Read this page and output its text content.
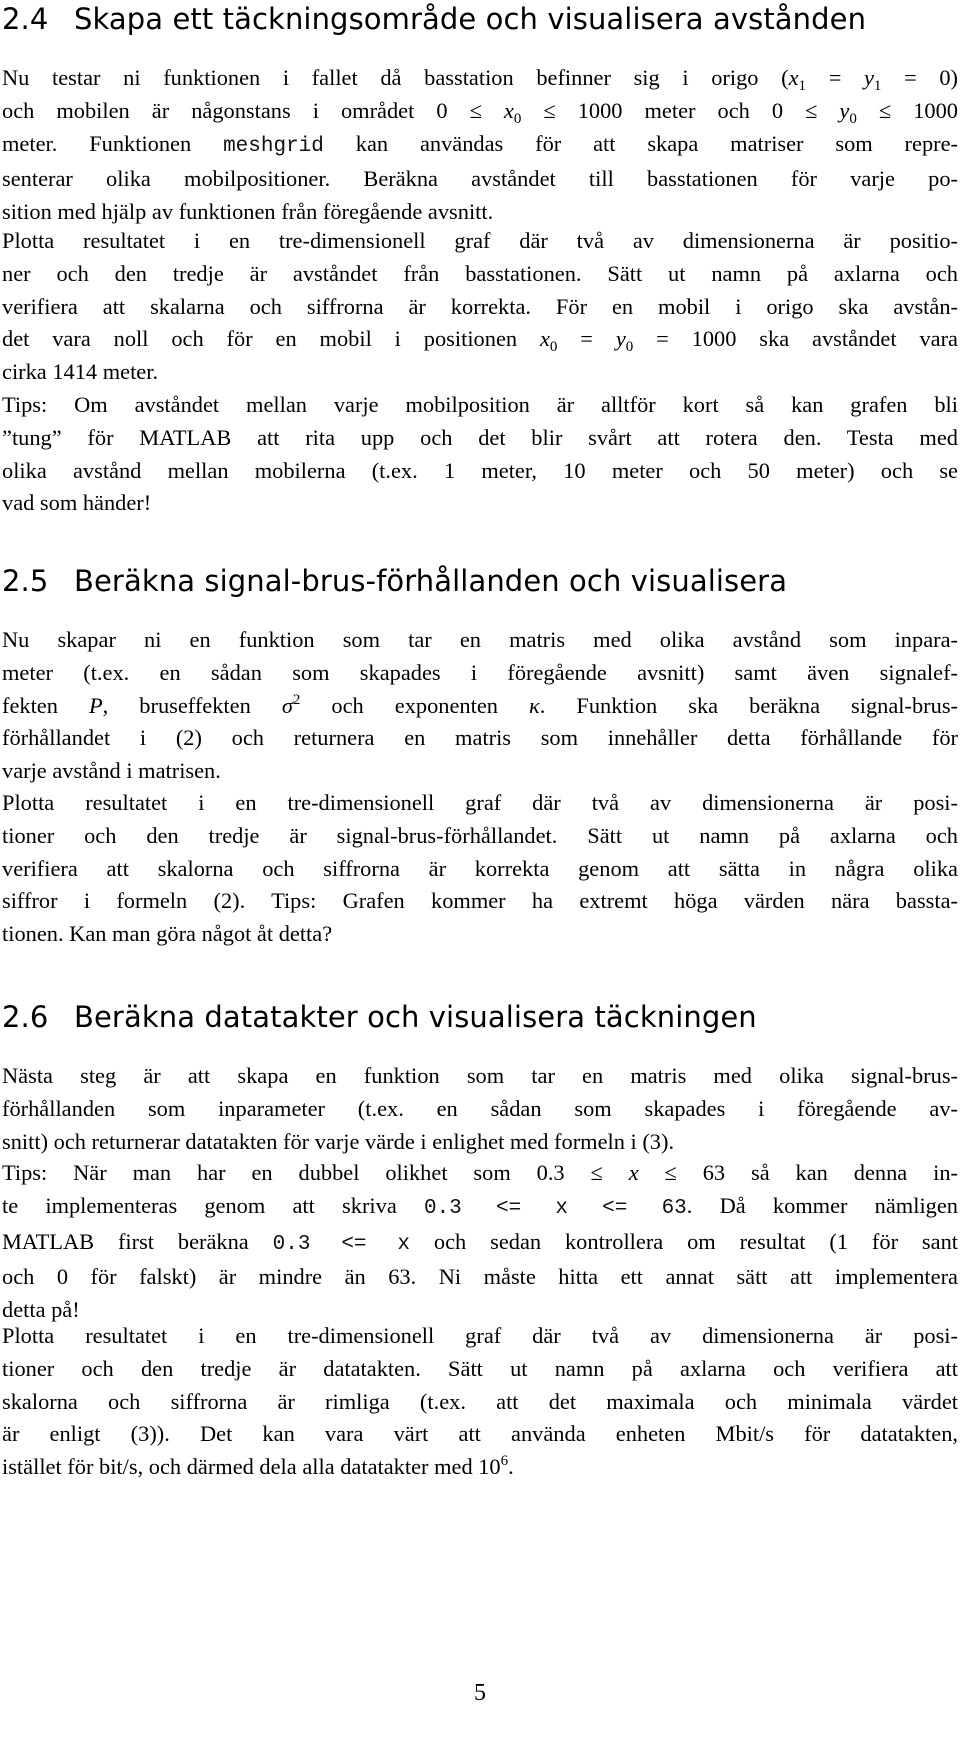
2.4 Skapa ett täckningsområde och visualisera avstånden
Nu testar ni funktionen i fallet då basstation befinner sig i origo $(x_1 = y_1 = 0)$
och mobilen är någonstans i området $0 \le x_0 \le 1000$ meter och $0 \le y_0 \le 1000$
meter. Funktionen meshgrid kan användas för att skapa matriser som repre-
senterar olika mobilpositioner. Beräkna avståndet till basstationen för varje po-
sition med hjälp av funktionen från föregående avsnitt.
Plotta resultatet i en tre-dimensionell graf där två av dimensionerna är positio-
ner och den tredje är avståndet från basstationen. Sätt ut namn på axlarna och
verifiera att skalarna och siffrorna är korrekta. För en mobil i origo ska avstån-
det vara noll och för en mobil i positionen $x_0 = y_0 = 1000$ ska avståndet vara
cirka 1414 meter.
Tips: Om avståndet mellan varje mobilposition är alltför kort så kan grafen bli
”tung” för MATLAB att rita upp och det blir svårt att rotera den. Testa med
olika avstånd mellan mobilerna (t.ex. 1 meter, 10 meter och 50 meter) och se
vad som händer!
2.5 Beräkna signal-brus-förhållanden och visualisera
Nu skapar ni en funktion som tar en matris med olika avstånd som inpara-
meter (t.ex. en sådan som skapades i föregående avsnitt) samt även signalef-
fekten P, bruseffekten $\sigma^2$ och exponenten κ. Funktion ska beräkna signal-brus-
förhållandet i (2) och returnera en matris som innehåller detta förhållande för
varje avstånd i matrisen.
Plotta resultatet i en tre-dimensionell graf där två av dimensionerna är posi-
tioner och den tredje är signal-brus-förhållandet. Sätt ut namn på axlarna och
verifiera att skalorna och siffrorna är korrekta genom att sätta in några olika
siffror i formeln (2). Tips: Grafen kommer ha extremt höga värden nära bassta-
tionen. Kan man göra något åt detta?
2.6 Beräkna datatakter och visualisera täckningen
Nästa steg är att skapa en funktion som tar en matris med olika signal-brus-
förhållanden som inparameter (t.ex. en sådan som skapades i föregående av-
snitt) och returnerar datatakten för varje värde i enlighet med formeln i (3).
Tips: När man har en dubbel olikhet som 0.3 ≤ x ≤ 63 så kan denna in-
te implementeras genom att skriva 0.3 <= x <= 63. Då kommer nämligen
MATLAB first beräkna 0.3 <= x och sedan kontrollera om resultat (1 för sant
och 0 för falskt) är mindre än 63. Ni måste hitta ett annat sätt att implementera
detta på!
Plotta resultatet i en tre-dimensionell graf där två av dimensionerna är posi-
tioner och den tredje är datatakten. Sätt ut namn på axlarna och verifiera att
skalorna och siffrorna är rimliga (t.ex. att det maximala och minimala värdet
är enligt (3)). Det kan vara värt att använda enheten Mbit/s för datatakten,
istället för bit/s, och därmed dela alla datatakter med $10^6$.
5
